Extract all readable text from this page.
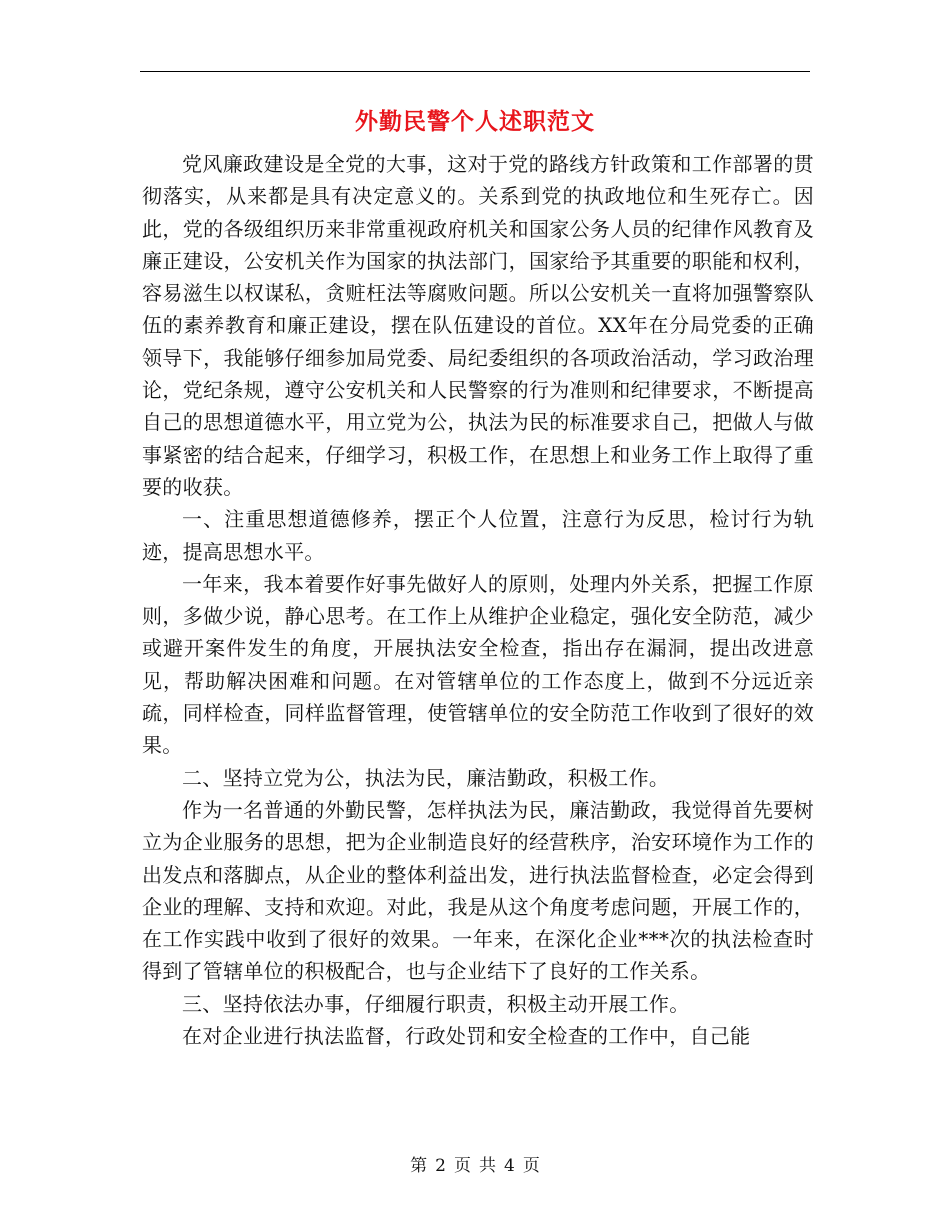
外勤民警个人述职范文

党风廉政建设是全党的大事，这对于党的路线方针政策和工作部署的贯彻落实，从来都是具有决定意义的。关系到党的执政地位和生死存亡。因此，党的各级组织历来非常重视政府机关和国家公务人员的纪律作风教育及廉正建设，公安机关作为国家的执法部门，国家给予其重要的职能和权利，容易滋生以权谋私，贪赃枉法等腐败问题。所以公安机关一直将加强警察队伍的素养教育和廉正建设，摆在队伍建设的首位。XX年在分局党委的正确领导下，我能够仔细参加局党委、局纪委组织的各项政治活动，学习政治理论，党纪条规，遵守公安机关和人民警察的行为准则和纪律要求，不断提高自己的思想道德水平，用立党为公，执法为民的标准要求自己，把做人与做事紧密的结合起来，仔细学习，积极工作，在思想上和业务工作上取得了重要的收获。

一、注重思想道德修养，摆正个人位置，注意行为反思，检讨行为轨迹，提高思想水平。

一年来，我本着要作好事先做好人的原则，处理内外关系，把握工作原则，多做少说，静心思考。在工作上从维护企业稳定，强化安全防范，减少或避开案件发生的角度，开展执法安全检查，指出存在漏洞，提出改进意见，帮助解决困难和问题。在对管辖单位的工作态度上，做到不分远近亲疏，同样检查，同样监督管理，使管辖单位的安全防范工作收到了很好的效果。

二、坚持立党为公，执法为民，廉洁勤政，积极工作。

作为一名普通的外勤民警，怎样执法为民，廉洁勤政，我觉得首先要树立为企业服务的思想，把为企业制造良好的经营秩序，治安环境作为工作的出发点和落脚点，从企业的整体利益出发，进行执法监督检查，必定会得到企业的理解、支持和欢迎。对此，我是从这个角度考虑问题，开展工作的，在工作实践中收到了很好的效果。一年来，在深化企业***次的执法检查时得到了管辖单位的积极配合，也与企业结下了良好的工作关系。

三、坚持依法办事，仔细履行职责，积极主动开展工作。

在对企业进行执法监督，行政处罚和安全检查的工作中，自己能

第 2 页 共 4 页
